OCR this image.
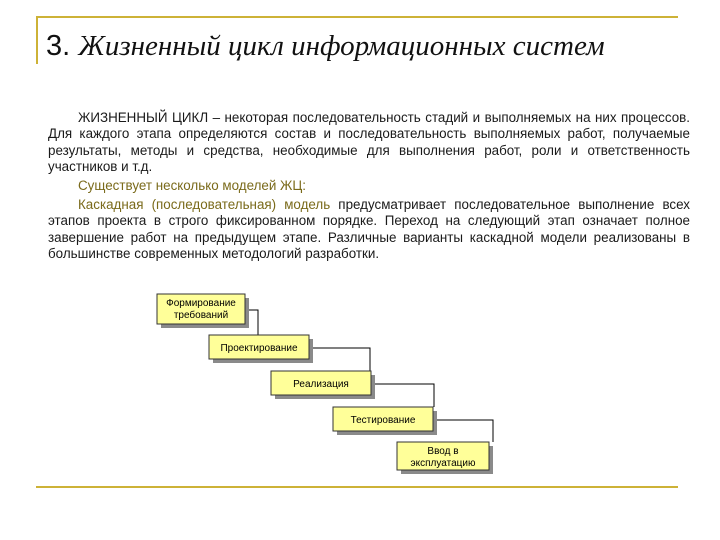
3. Жизненный цикл информационных систем

ЖИЗНЕННЫЙ ЦИКЛ – некоторая последовательность стадий и выполняемых на них процессов. Для каждого этапа определяются состав и последовательность выполняемых работ, получаемые результаты, методы и средства, необходимые для выполнения работ, роли и ответственность участников и т.д.

Существует несколько моделей ЖЦ:

Каскадная (последовательная) модель предусматривает последовательное выполнение всех этапов проекта в строго фиксированном порядке. Переход на следующий этап означает полное завершение работ на предыдущем этапе. Различные варианты каскадной модели реализованы в большинстве современных методологий разработки.

Формирование
требований
Проектирование
Реализация
Тестирование
Ввод в
эксплуатацию
